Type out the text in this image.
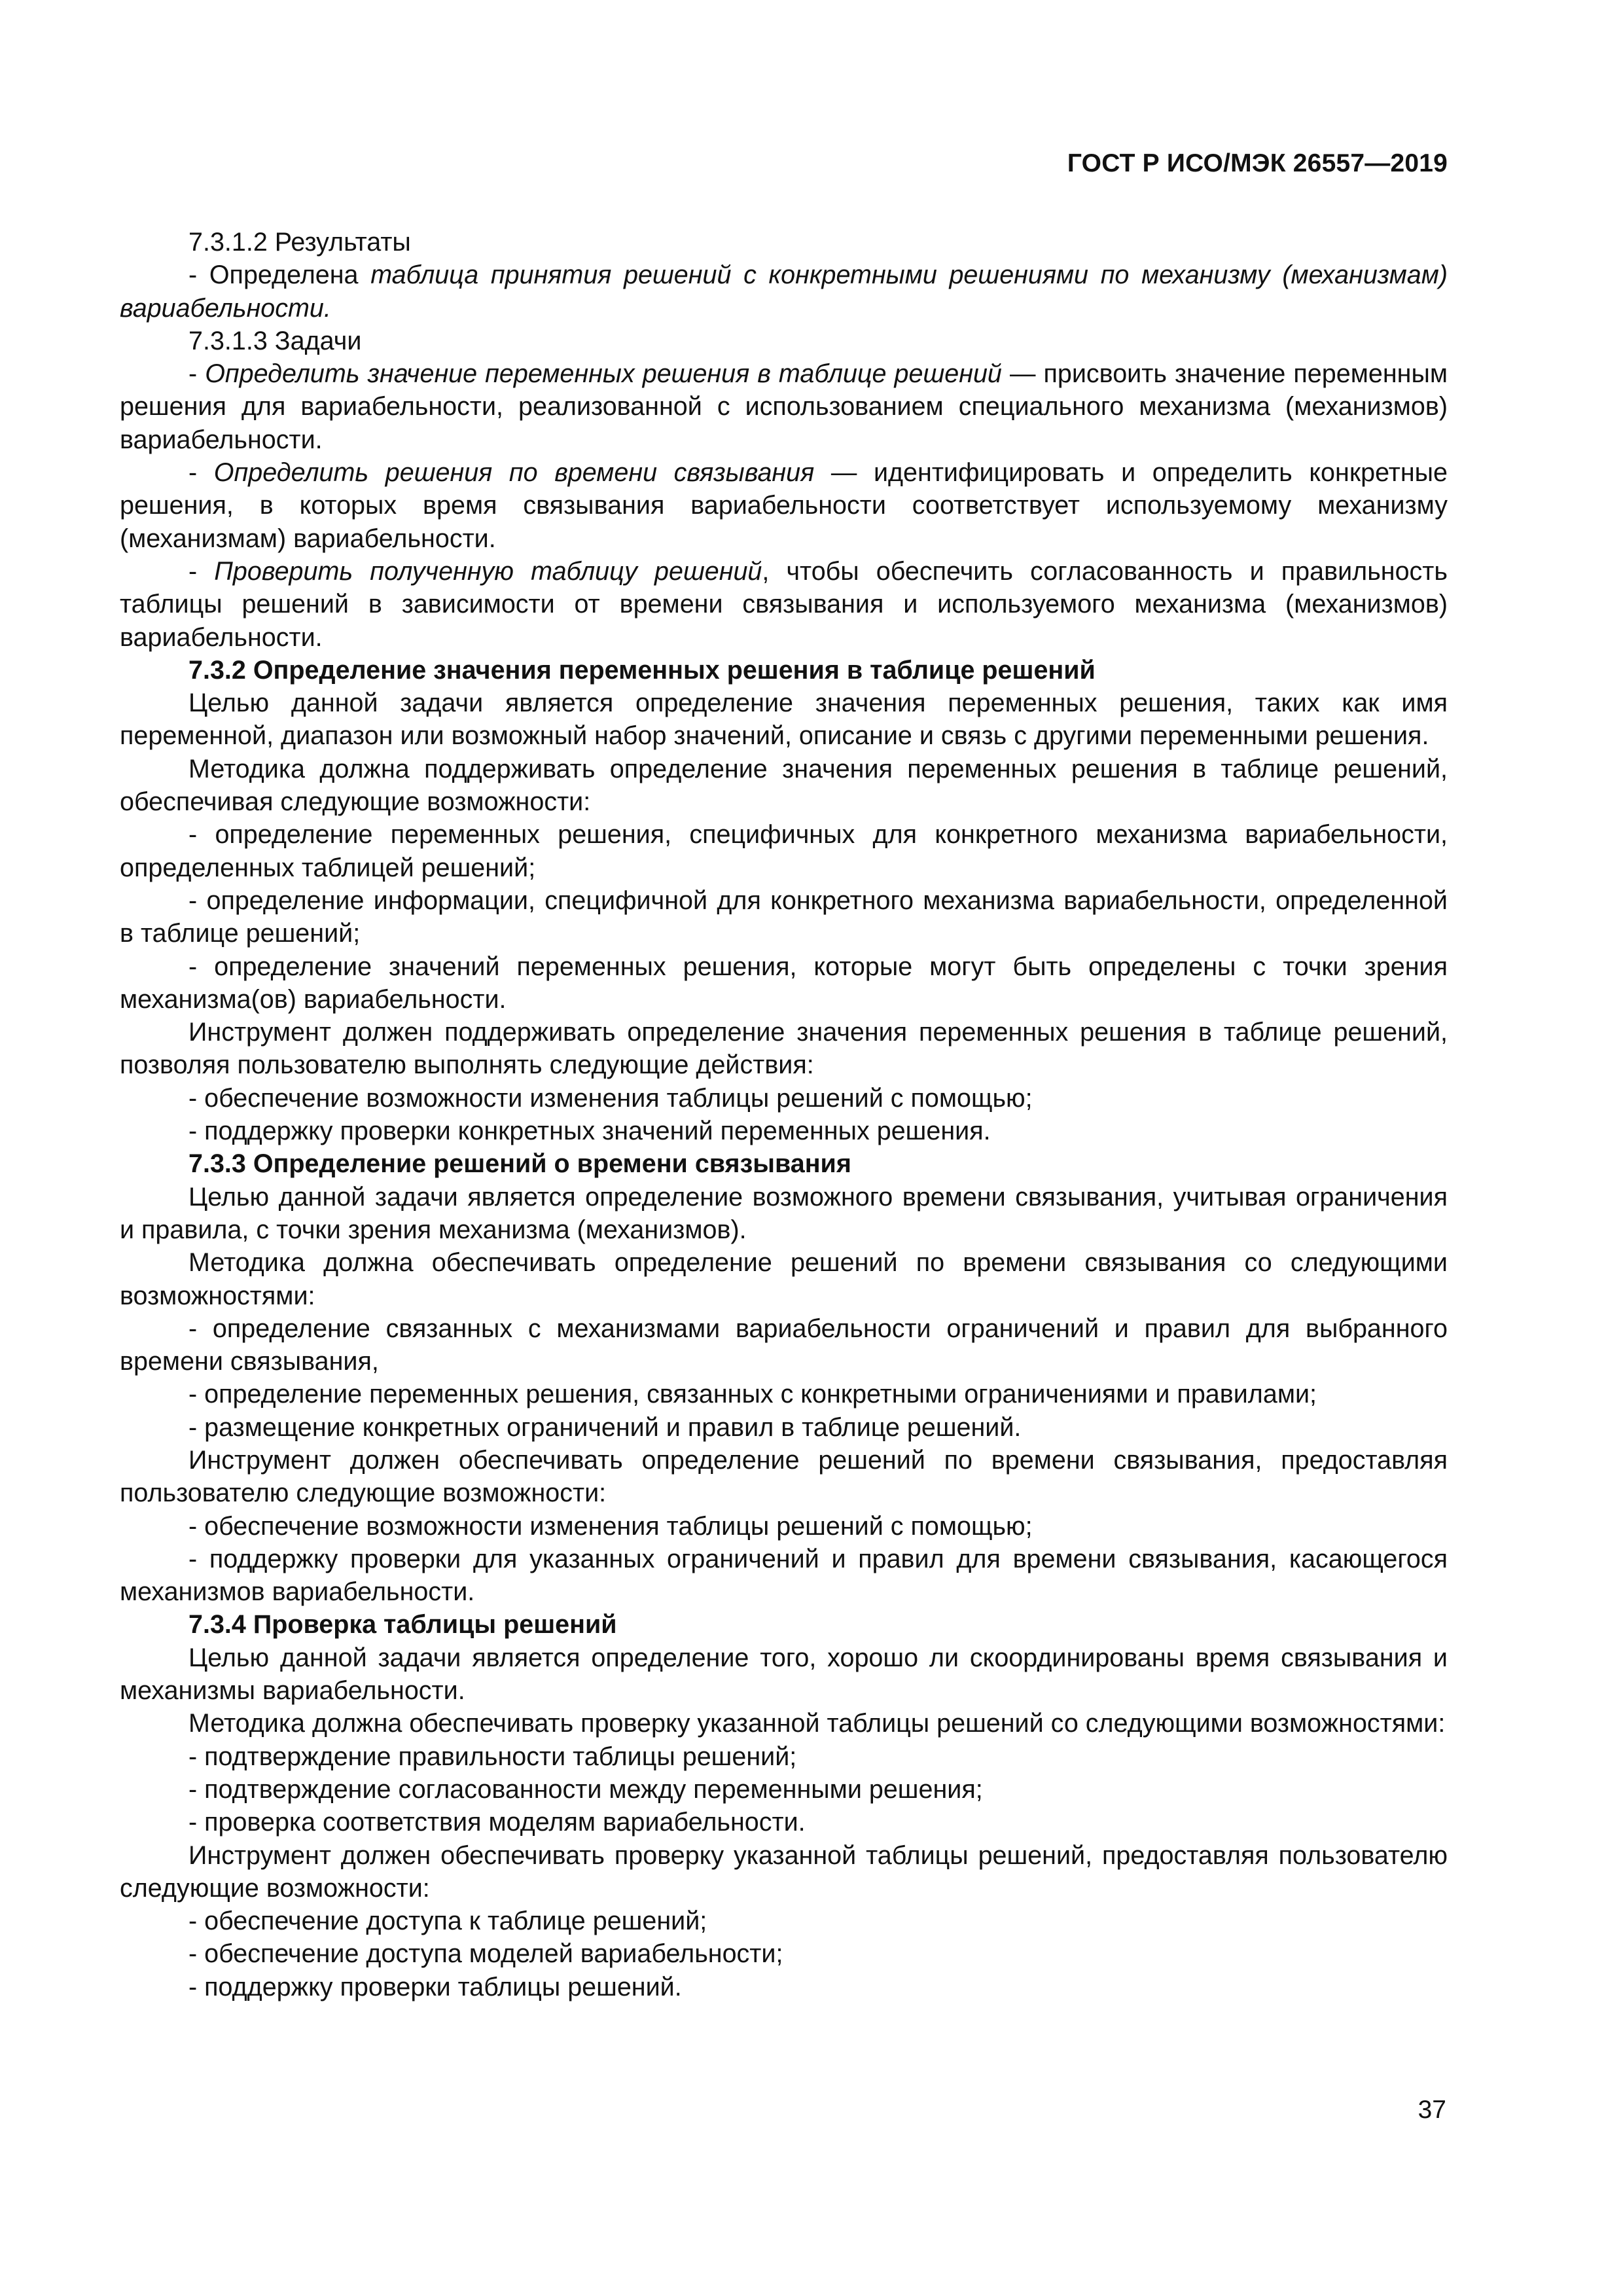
ГОСТ Р ИСО/МЭК 26557—2019

7.3.1.2 Результаты

- Определена таблица принятия решений с конкретными решениями по механизму (механизмам) вариабельности.

7.3.1.3 Задачи

- Определить значение переменных решения в таблице решений — присвоить значение переменным решения для вариабельности, реализованной с использованием специального механизма (механизмов) вариабельности.

- Определить решения по времени связывания — идентифицировать и определить конкретные решения, в которых время связывания вариабельности соответствует используемому механизму (механизмам) вариабельности.

- Проверить полученную таблицу решений, чтобы обеспечить согласованность и правильность таблицы решений в зависимости от времени связывания и используемого механизма (механизмов) вариабельности.

7.3.2 Определение значения переменных решения в таблице решений

Целью данной задачи является определение значения переменных решения, таких как имя переменной, диапазон или возможный набор значений, описание и связь с другими переменными решения.

Методика должна поддерживать определение значения переменных решения в таблице решений, обеспечивая следующие возможности:

- определение переменных решения, специфичных для конкретного механизма вариабельности, определенных таблицей решений;

- определение информации, специфичной для конкретного механизма вариабельности, определенной в таблице решений;

- определение значений переменных решения, которые могут быть определены с точки зрения механизма(ов) вариабельности.

Инструмент должен поддерживать определение значения переменных решения в таблице решений, позволяя пользователю выполнять следующие действия:

- обеспечение возможности изменения таблицы решений с помощью;

- поддержку проверки конкретных значений переменных решения.

7.3.3 Определение решений о времени связывания

Целью данной задачи является определение возможного времени связывания, учитывая ограничения и правила, с точки зрения механизма (механизмов).

Методика должна обеспечивать определение решений по времени связывания со следующими возможностями:

- определение связанных с механизмами вариабельности ограничений и правил для выбранного времени связывания,

- определение переменных решения, связанных с конкретными ограничениями и правилами;

- размещение конкретных ограничений и правил в таблице решений.

Инструмент должен обеспечивать определение решений по времени связывания, предоставляя пользователю следующие возможности:

- обеспечение возможности изменения таблицы решений с помощью;

- поддержку проверки для указанных ограничений и правил для времени связывания, касающегося механизмов вариабельности.

7.3.4 Проверка таблицы решений

Целью данной задачи является определение того, хорошо ли скоординированы время связывания и механизмы вариабельности.

Методика должна обеспечивать проверку указанной таблицы решений со следующими возможностями:

- подтверждение правильности таблицы решений;

- подтверждение согласованности между переменными решения;

- проверка соответствия моделям вариабельности.

Инструмент должен обеспечивать проверку указанной таблицы решений, предоставляя пользователю следующие возможности:

- обеспечение доступа к таблице решений;

- обеспечение доступа моделей вариабельности;

- поддержку проверки таблицы решений.

37
